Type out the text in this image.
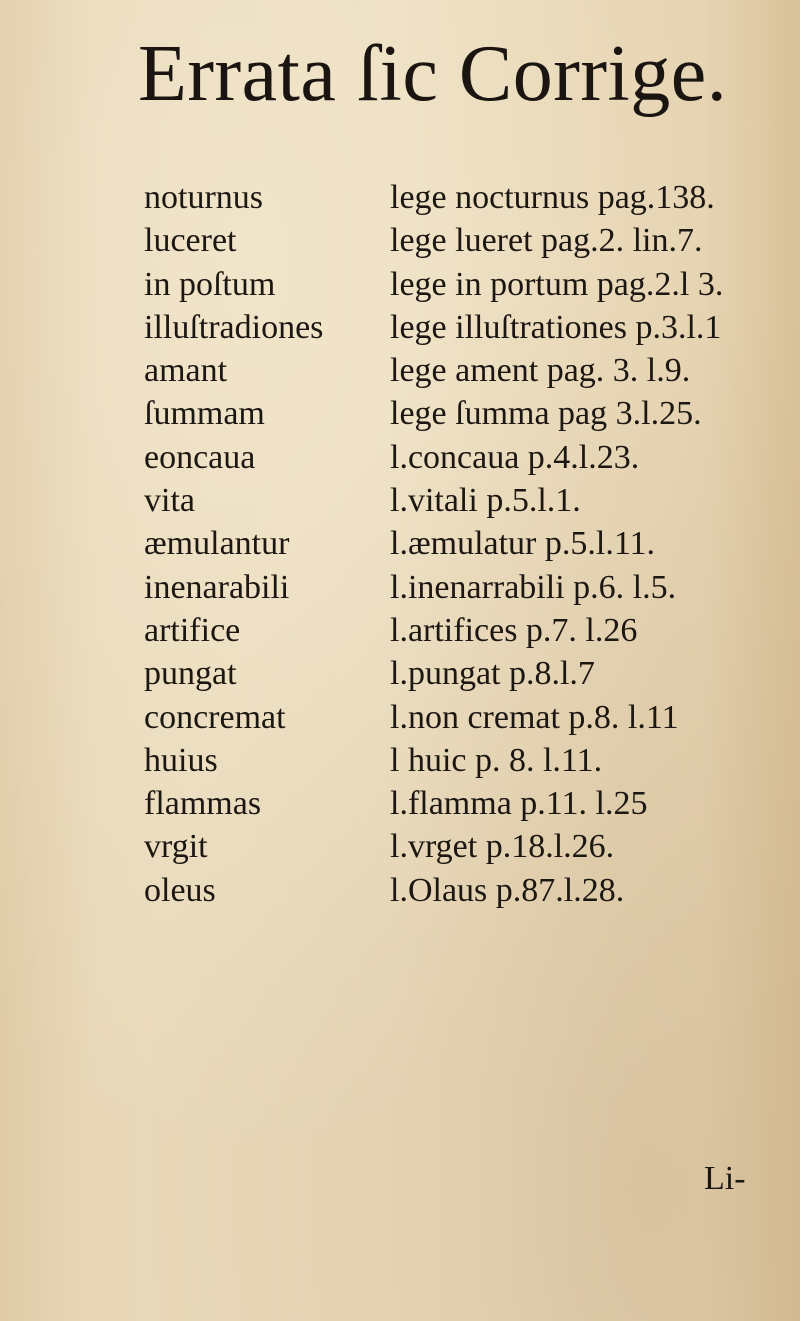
Errata ſic Corrige.
noturnus	lege nocturnus pag.138.
luceret	lege lueret pag.2. lin.7.
in poſtum	lege in portum pag.2.l 3.
illuſtradiones lege illuſtrationes p.3.l.1
amant	lege ament pag. 3. l.9.
ſummam	lege ſumma pag 3.l.25.
eoncaua	l.concaua p.4.l.23.
vita	l.vitali p.5.l.1.
æmulantur	l.æmulatur p.5.l.11.
inenarabili	l.inenarrabili p.6. l.5.
artifice	l.artifices p.7. l.26
pungat	l.pungat p.8.l.7
concremat	l.non cremat p.8. l.11
huius	l huic p. 8. l.11.
flammas	l.flamma p.11. l.25
vrgit	l.vrget p.18.l.26.
oleus	l.Olaus p.87.l.28.
Li-
